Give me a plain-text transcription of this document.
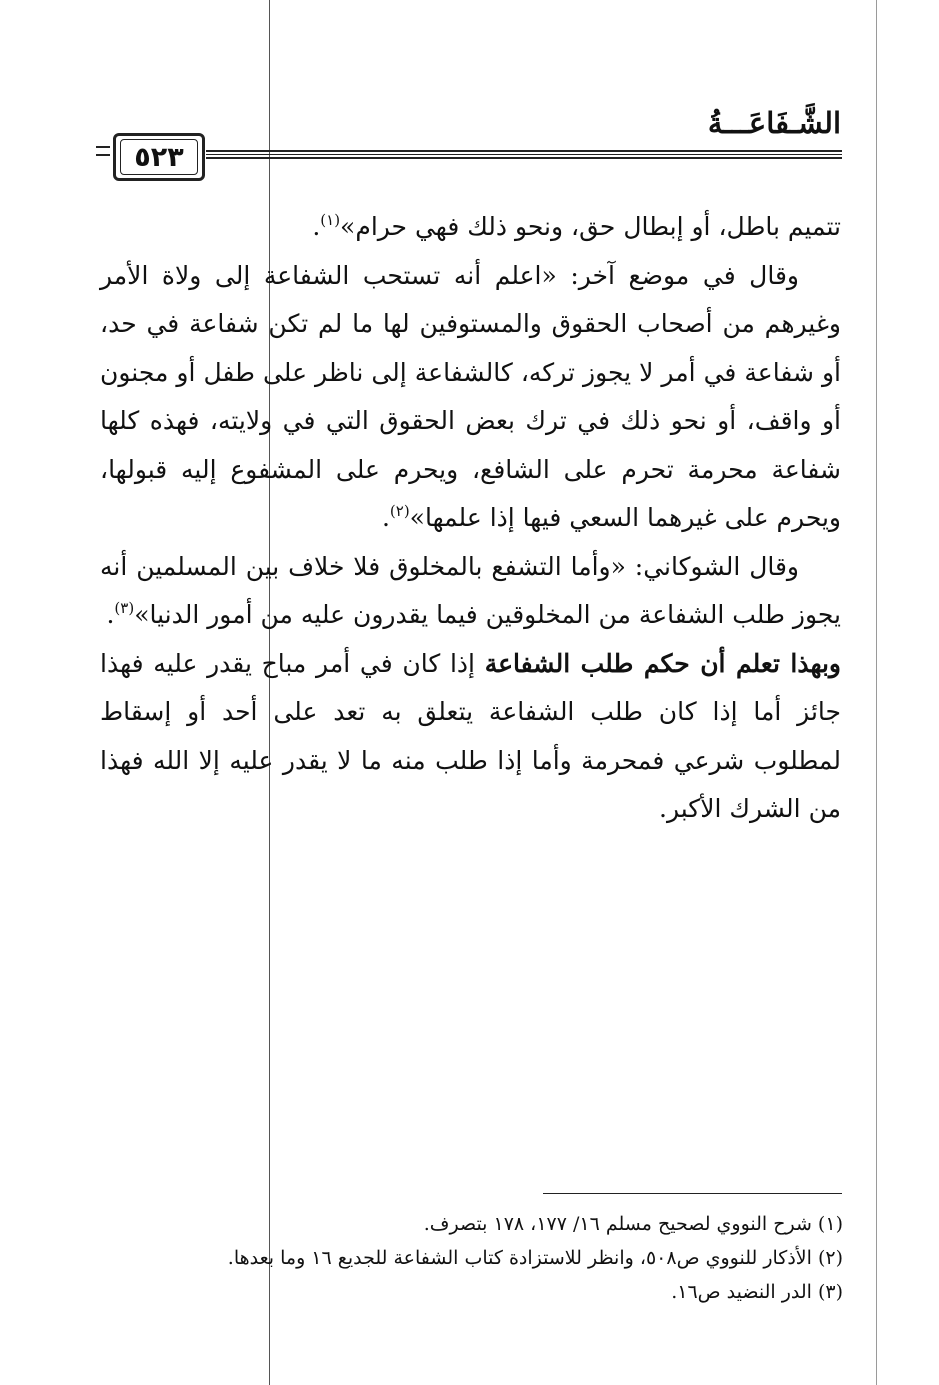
الشَّـفَاعَـــةُ
٥٢٣

تتميم باطل، أو إبطال حق، ونحو ذلك فهي حرام»$^{(١)}$.

وقال في موضع آخر: «اعلم أنه تستحب الشفاعة إلى ولاة الأمر وغيرهم من أصحاب الحقوق والمستوفين لها ما لم تكن شفاعة في حد، أو شفاعة في أمر لا يجوز تركه، كالشفاعة إلى ناظر على طفل أو مجنون أو واقف، أو نحو ذلك في ترك بعض الحقوق التي في ولايته، فهذه كلها شفاعة محرمة تحرم على الشافع، ويحرم على المشفوع إليه قبولها، ويحرم على غيرهما السعي فيها إذا علمها»$^{(٢)}$.

وقال الشوكاني: «وأما التشفع بالمخلوق فلا خلاف بين المسلمين أنه يجوز طلب الشفاعة من المخلوقين فيما يقدرون عليه من أمور الدنيا»$^{(٣)}$.

وبهذا تعلم أن حكم طلب الشفاعة إذا كان في أمر مباح يقدر عليه فهذا جائز أما إذا كان طلب الشفاعة يتعلق به تعد على أحد أو إسقاط لمطلوب شرعي فمحرمة وأما إذا طلب منه ما لا يقدر عليه إلا الله فهذا من الشرك الأكبر.

(١) شرح النووي لصحيح مسلم ١٦/ ١٧٧، ١٧٨ بتصرف.

(٢) الأذكار للنووي ص٥٠٨، وانظر للاستزادة كتاب الشفاعة للجديع ١٦ وما بعدها.

(٣) الدر النضيد ص١٦.
